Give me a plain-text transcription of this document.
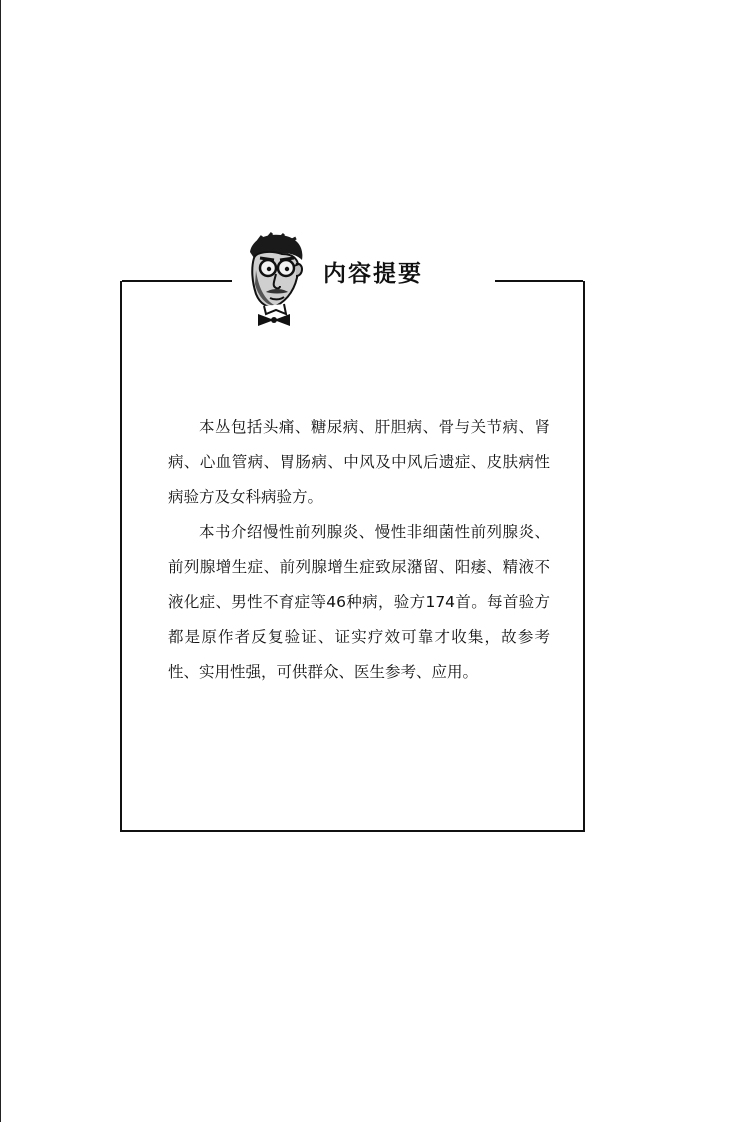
内容提要

本丛包括头痛、糖尿病、肝胆病、骨与关节病、肾病、心血管病、胃肠病、中风及中风后遗症、皮肤病性病验方及女科病验方。

本书介绍慢性前列腺炎、慢性非细菌性前列腺炎、前列腺增生症、前列腺增生症致尿潴留、阳痿、精液不液化症、男性不育症等46种病，验方174首。每首验方都是原作者反复验证、证实疗效可靠才收集，故参考性、实用性强，可供群众、医生参考、应用。
